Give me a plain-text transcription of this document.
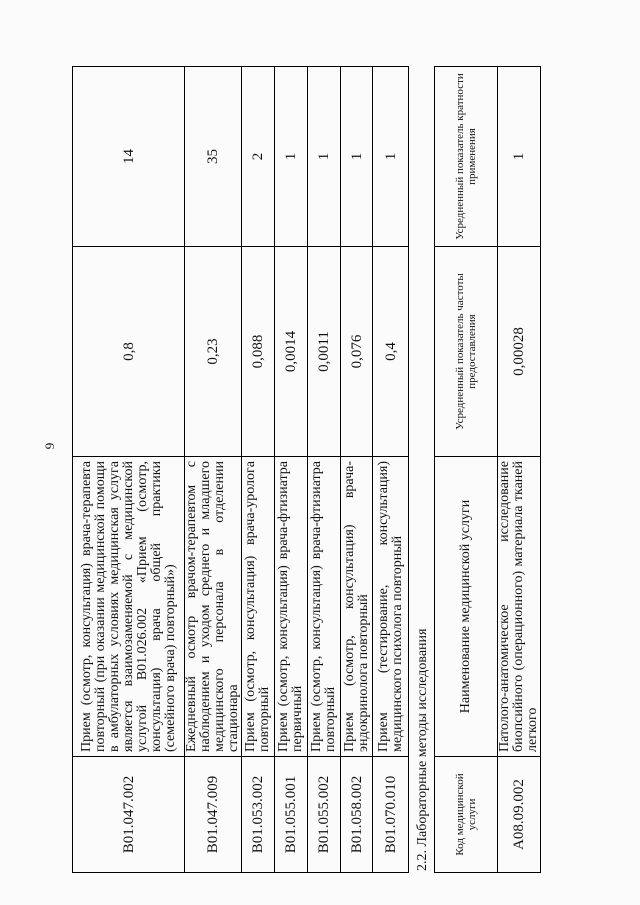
9
B01.047.002	Прием (осмотр, консультация) врача-терапевта повторный (при оказании медицинской помощи в амбулаторных условиях медицинская услуга является взаимозаменяемой с медицинской услугой B01.026.002 «Прием (осмотр, консультация) врача общей практики (семейного врача) повторный»)	0,8	14
B01.047.009	Ежедневный осмотр врачом-терапевтом с наблюдением и уходом среднего и младшего медицинского персонала в отделении стационара	0,23	35
B01.053.002	Прием (осмотр, консультация) врача-уролога повторный	0,088	2
B01.055.001	Прием (осмотр, консультация) врача-фтизиатра первичный	0,0014	1
B01.055.002	Прием (осмотр, консультация) врача-фтизиатра повторный	0,0011	1
B01.058.002	Прием (осмотр, консультация) врача-эндокринолога повторный	0,076	1
B01.070.010	Прием (тестирование, консультация) медицинского психолога повторный	0,4	1
2.2. Лабораторные методы исследования Код медицинской услуги	Наименование медицинской услуги	Усредненный показатель частоты предоставления	Усредненный показатель кратности применения
A08.09.002	Патолого-анатомическое исследование биопсийного (операционного) материала тканей легкого	0,00028	1
